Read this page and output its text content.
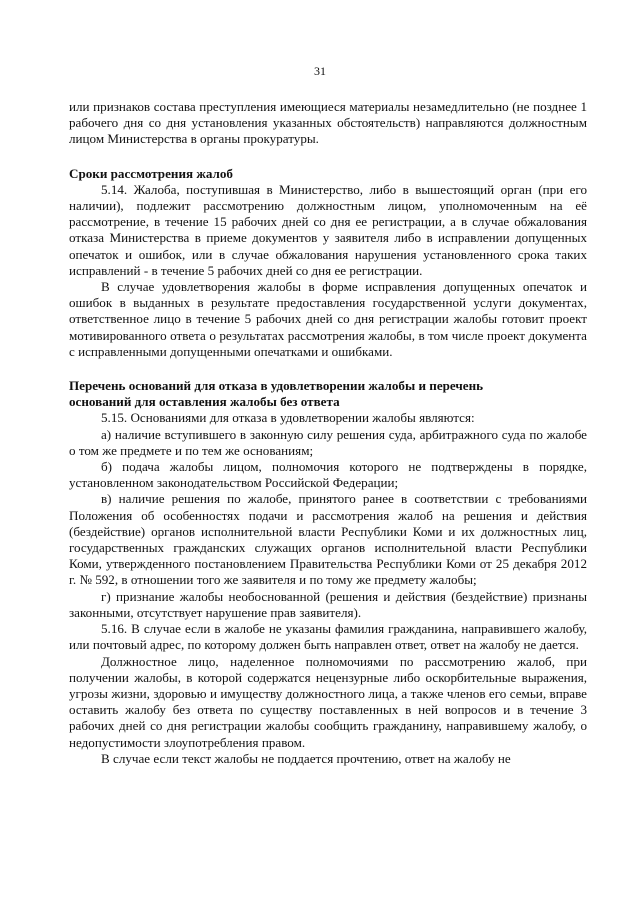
31

или признаков состава преступления имеющиеся материалы незамедлительно (не позднее 1 рабочего дня со дня установления указанных обстоятельств) направляются должностным лицом Министерства в органы прокуратуры.

Сроки рассмотрения жалоб

5.14. Жалоба, поступившая в Министерство, либо в вышестоящий орган (при его наличии), подлежит рассмотрению должностным лицом, уполномоченным на её рассмотрение, в течение 15 рабочих дней со дня ее регистрации, а в случае обжалования отказа Министерства в приеме документов у заявителя либо в исправлении допущенных опечаток и ошибок, или в случае обжалования нарушения установленного срока таких исправлений - в течение 5 рабочих дней со дня ее регистрации.

В случае удовлетворения жалобы в форме исправления допущенных опечаток и ошибок в выданных в результате предоставления государственной услуги документах, ответственное лицо в течение 5 рабочих дней со дня регистрации жалобы готовит проект мотивированного ответа о результатах рассмотрения жалобы, в том числе проект документа с исправленными допущенными опечатками и ошибками.

Перечень оснований для отказа в удовлетворении жалобы и перечень

оснований для оставления жалобы без ответа

5.15. Основаниями для отказа в удовлетворении жалобы являются:

а) наличие вступившего в законную силу решения суда, арбитражного суда по жалобе о том же предмете и по тем же основаниям;

б) подача жалобы лицом, полномочия которого не подтверждены в порядке, установленном законодательством Российской Федерации;

в) наличие решения по жалобе, принятого ранее в соответствии с требованиями Положения об особенностях подачи и рассмотрения жалоб на решения и действия (бездействие) органов исполнительной власти Республики Коми и их должностных лиц, государственных гражданских служащих органов исполнительной власти Республики Коми, утвержденного постановлением Правительства Республики Коми от 25 декабря 2012 г. № 592, в отношении того же заявителя и по тому же предмету жалобы;

г) признание жалобы необоснованной (решения и действия (бездействие) признаны законными, отсутствует нарушение прав заявителя).

5.16. В случае если в жалобе не указаны фамилия гражданина, направившего жалобу, или почтовый адрес, по которому должен быть направлен ответ, ответ на жалобу не дается.

Должностное лицо, наделенное полномочиями по рассмотрению жалоб, при получении жалобы, в которой содержатся нецензурные либо оскорбительные выражения, угрозы жизни, здоровью и имуществу должностного лица, а также членов его семьи, вправе оставить жалобу без ответа по существу поставленных в ней вопросов и в течение 3 рабочих дней со дня регистрации жалобы сообщить гражданину, направившему жалобу, о недопустимости злоупотребления правом.

В случае если текст жалобы не поддается прочтению, ответ на жалобу не
